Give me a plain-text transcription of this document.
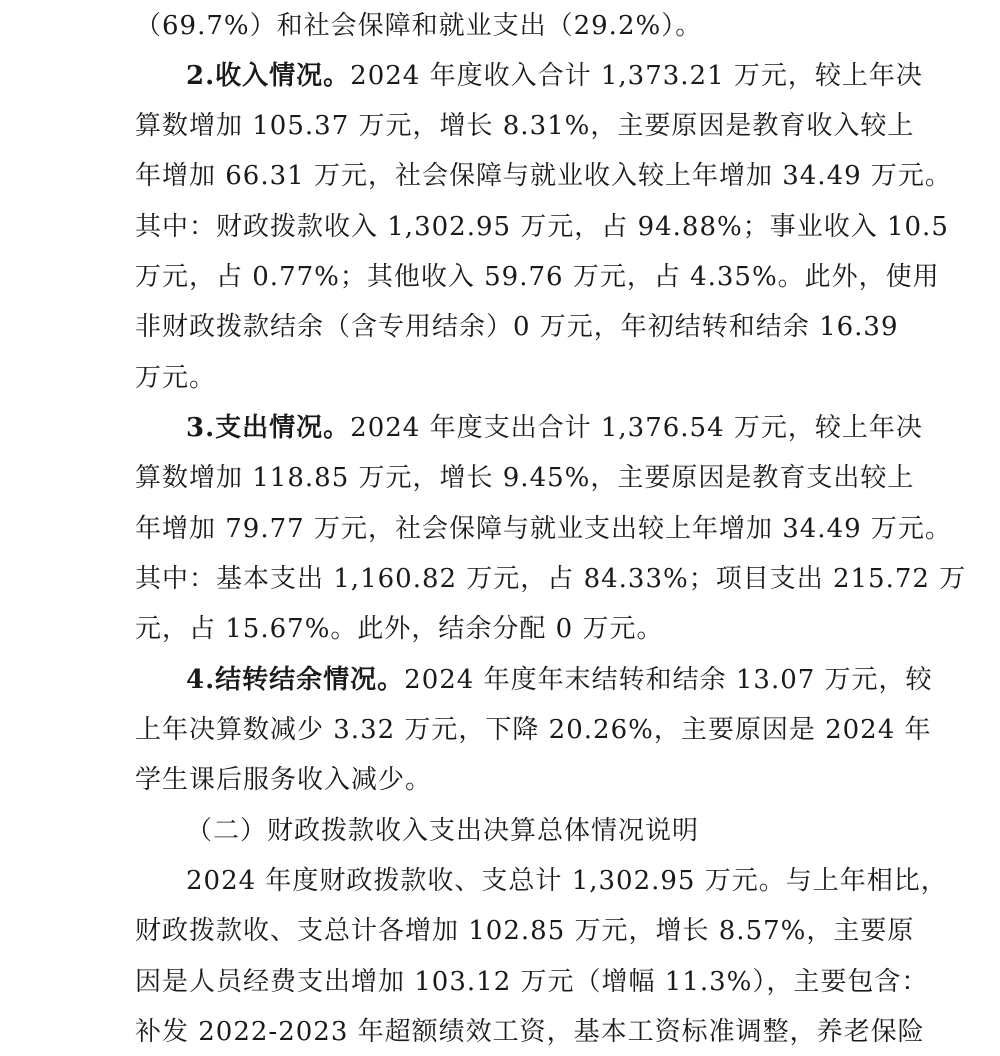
（69.7%）和社会保障和就业支出（29.2%）。
2.收入情况。2024 年度收入合计 1,373.21 万元，较上年决
算数增加 105.37 万元，增长 8.31%，主要原因是教育收入较上
年增加 66.31 万元，社会保障与就业收入较上年增加 34.49 万元。
其中：财政拨款收入 1,302.95 万元，占 94.88%；事业收入 10.5
万元，占 0.77%；其他收入 59.76 万元，占 4.35%。此外，使用
非财政拨款结余（含专用结余）0 万元，年初结转和结余 16.39
万元。
3.支出情况。2024 年度支出合计 1,376.54 万元，较上年决
算数增加 118.85 万元，增长 9.45%，主要原因是教育支出较上
年增加 79.77 万元，社会保障与就业支出较上年增加 34.49 万元。
其中：基本支出 1,160.82 万元，占 84.33%；项目支出 215.72 万
元，占 15.67%。此外，结余分配 0 万元。
4.结转结余情况。2024 年度年末结转和结余 13.07 万元，较
上年决算数减少 3.32 万元，下降 20.26%，主要原因是 2024 年
学生课后服务收入减少。
（二）财政拨款收入支出决算总体情况说明
2024 年度财政拨款收、支总计 1,302.95 万元。与上年相比，
财政拨款收、支总计各增加 102.85 万元，增长 8.57%，主要原
因是人员经费支出增加 103.12 万元（增幅 11.3%），主要包含：
补发 2022-2023 年超额绩效工资，基本工资标准调整，养老保险
